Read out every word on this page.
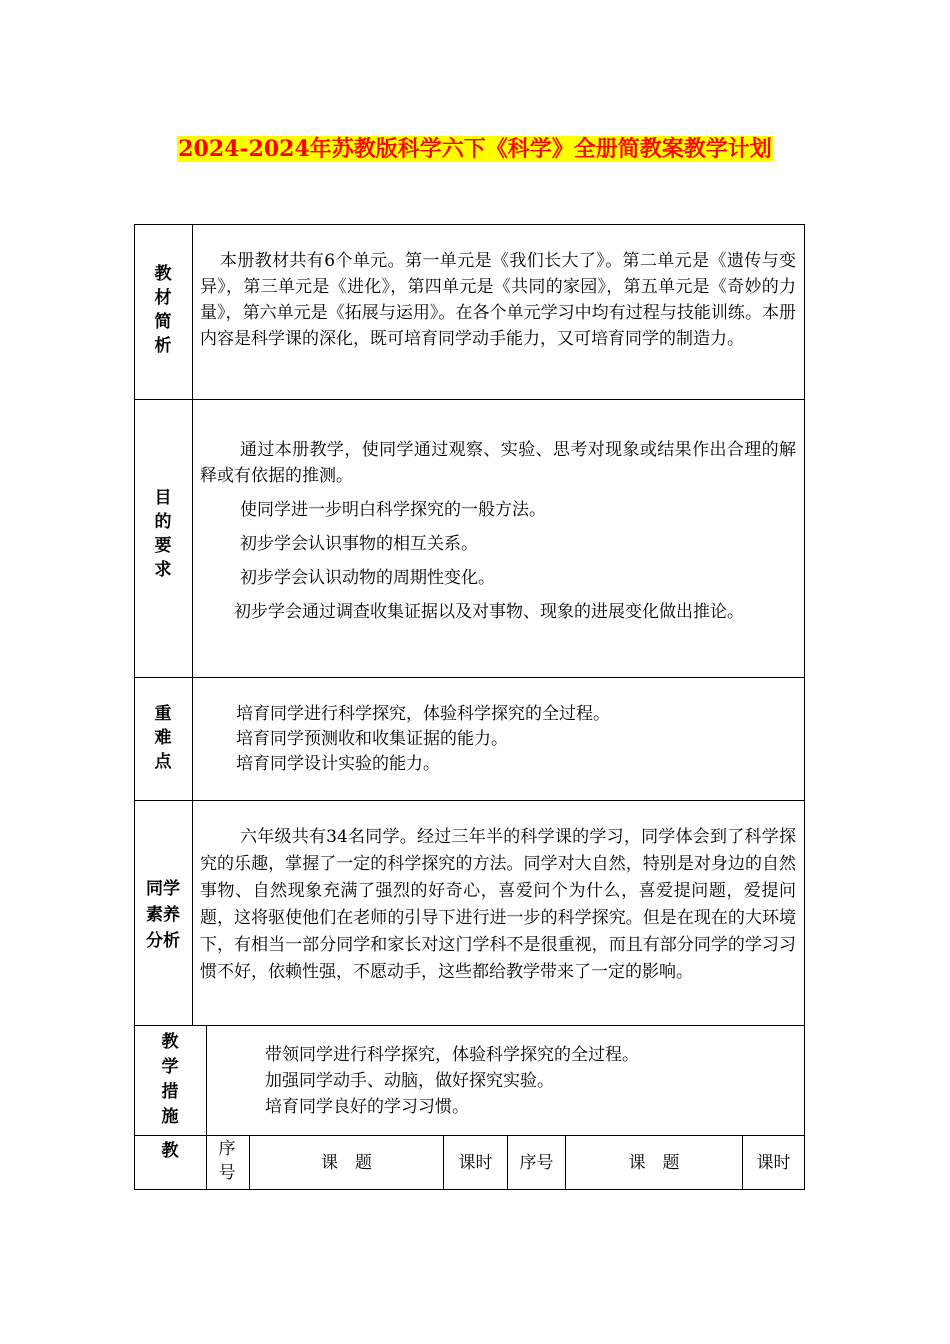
2024-2024年苏教版科学六下《科学》全册简教案教学计划
教材简析
本册教材共有6个单元。第一单元是《我们长大了》。第二单元是《遗传与变异》，第三单元是《进化》，第四单元是《共同的家园》，第五单元是《奇妙的力量》，第六单元是《拓展与运用》。在各个单元学习中均有过程与技能训练。本册内容是科学课的深化，既可培育同学动手能力，又可培育同学的制造力。
目的要求

通过本册教学，使同学通过观察、实验、思考对现象或结果作出合理的解释或有依据的推测。

使同学进一步明白科学探究的一般方法。

初步学会认识事物的相互关系。

初步学会认识动物的周期性变化。

初步学会通过调查收集证据以及对事物、现象的进展变化做出推论。

重难点
培育同学进行科学探究，体验科学探究的全过程。
培育同学预测收和收集证据的能力。
培育同学设计实验的能力。
同学
素养
分析
六年级共有34名同学。经过三年半的科学课的学习，同学体会到了科学探究的乐趣，掌握了一定的科学探究的方法。同学对大自然，特别是对身边的自然事物、自然现象充满了强烈的好奇心，喜爱问个为什么，喜爱提问题，爱提问题，这将驱使他们在老师的引导下进行进一步的科学探究。但是在现在的大环境下，有相当一部分同学和家长对这门学科不是很重视，而且有部分同学的学习习惯不好，依赖性强，不愿动手，这些都给教学带来了一定的影响。
教学措施
带领同学进行科学探究，体验科学探究的全过程。
加强同学动手、动脑，做好探究实验。
培育同学良好的学习习惯。
教 序号	课　题	课时	序号	课　题	课时
